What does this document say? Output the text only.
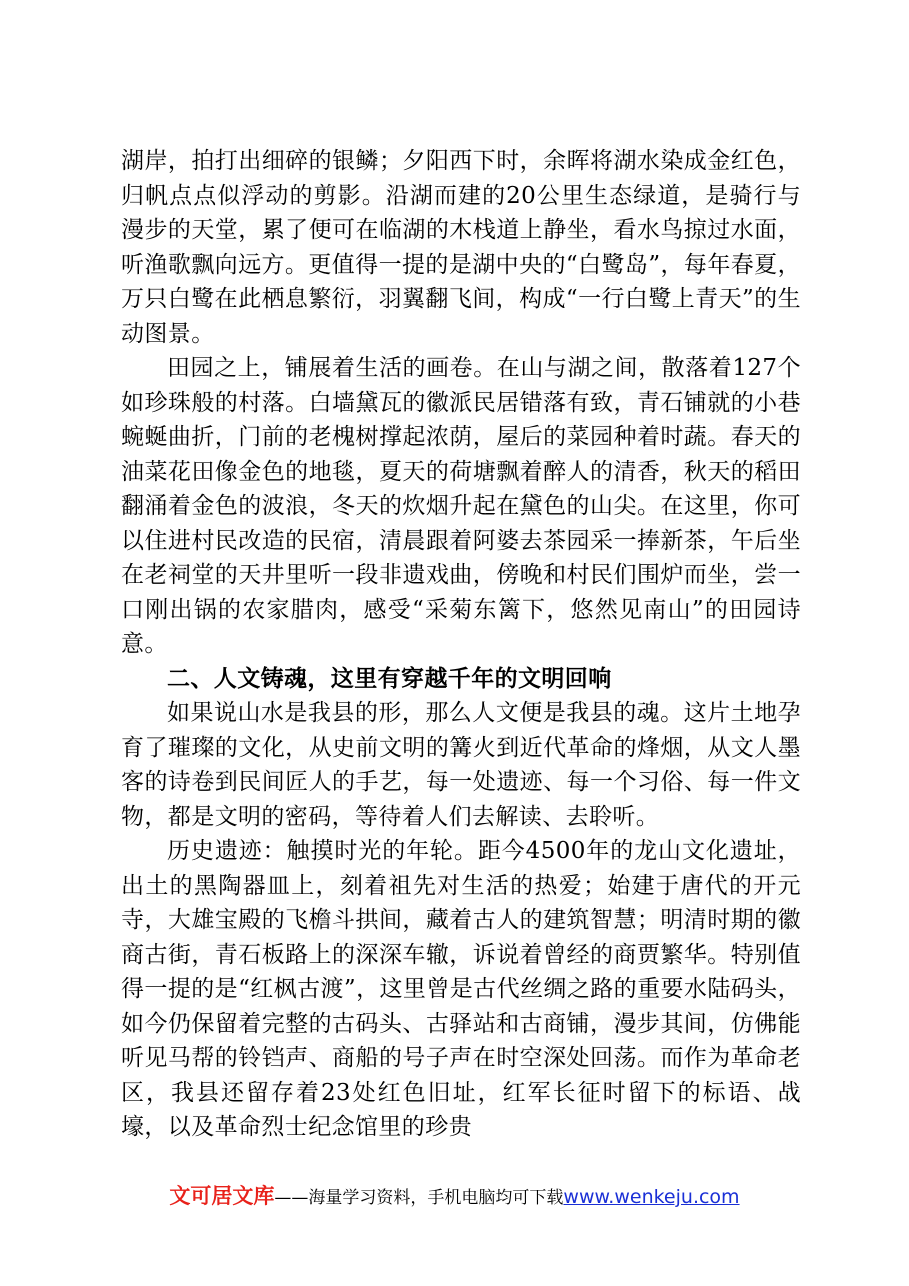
湖岸，拍打出细碎的银鳞；夕阳西下时，余晖将湖水染成金红色，归帆点点似浮动的剪影。沿湖而建的20公里生态绿道，是骑行与漫步的天堂，累了便可在临湖的木栈道上静坐，看水鸟掠过水面，听渔歌飘向远方。更值得一提的是湖中央的“白鹭岛”，每年春夏，万只白鹭在此栖息繁衍，羽翼翻飞间，构成“一行白鹭上青天”的生动图景。

田园之上，铺展着生活的画卷。在山与湖之间，散落着127个如珍珠般的村落。白墙黛瓦的徽派民居错落有致，青石铺就的小巷蜿蜒曲折，门前的老槐树撑起浓荫，屋后的菜园种着时蔬。春天的油菜花田像金色的地毯，夏天的荷塘飘着醉人的清香，秋天的稻田翻涌着金色的波浪，冬天的炊烟升起在黛色的山尖。在这里，你可以住进村民改造的民宿，清晨跟着阿婆去茶园采一捧新茶，午后坐在老祠堂的天井里听一段非遗戏曲，傍晚和村民们围炉而坐，尝一口刚出锅的农家腊肉，感受“采菊东篱下，悠然见南山”的田园诗意。

二、人文铸魂，这里有穿越千年的文明回响

如果说山水是我县的形，那么人文便是我县的魂。这片土地孕育了璀璨的文化，从史前文明的篝火到近代革命的烽烟，从文人墨客的诗卷到民间匠人的手艺，每一处遗迹、每一个习俗、每一件文物，都是文明的密码，等待着人们去解读、去聆听。

历史遗迹：触摸时光的年轮。距今4500年的龙山文化遗址，出土的黑陶器皿上，刻着祖先对生活的热爱；始建于唐代的开元寺，大雄宝殿的飞檐斗拱间，藏着古人的建筑智慧；明清时期的徽商古街，青石板路上的深深车辙，诉说着曾经的商贾繁华。特别值得一提的是“红枫古渡”，这里曾是古代丝绸之路的重要水陆码头，如今仍保留着完整的古码头、古驿站和古商铺，漫步其间，仿佛能听见马帮的铃铛声、商船的号子声在时空深处回荡。而作为革命老区，我县还留存着23处红色旧址，红军长征时留下的标语、战壕，以及革命烈士纪念馆里的珍贵

文可居文库——海量学习资料，手机电脑均可下载www.wenkeju.com
